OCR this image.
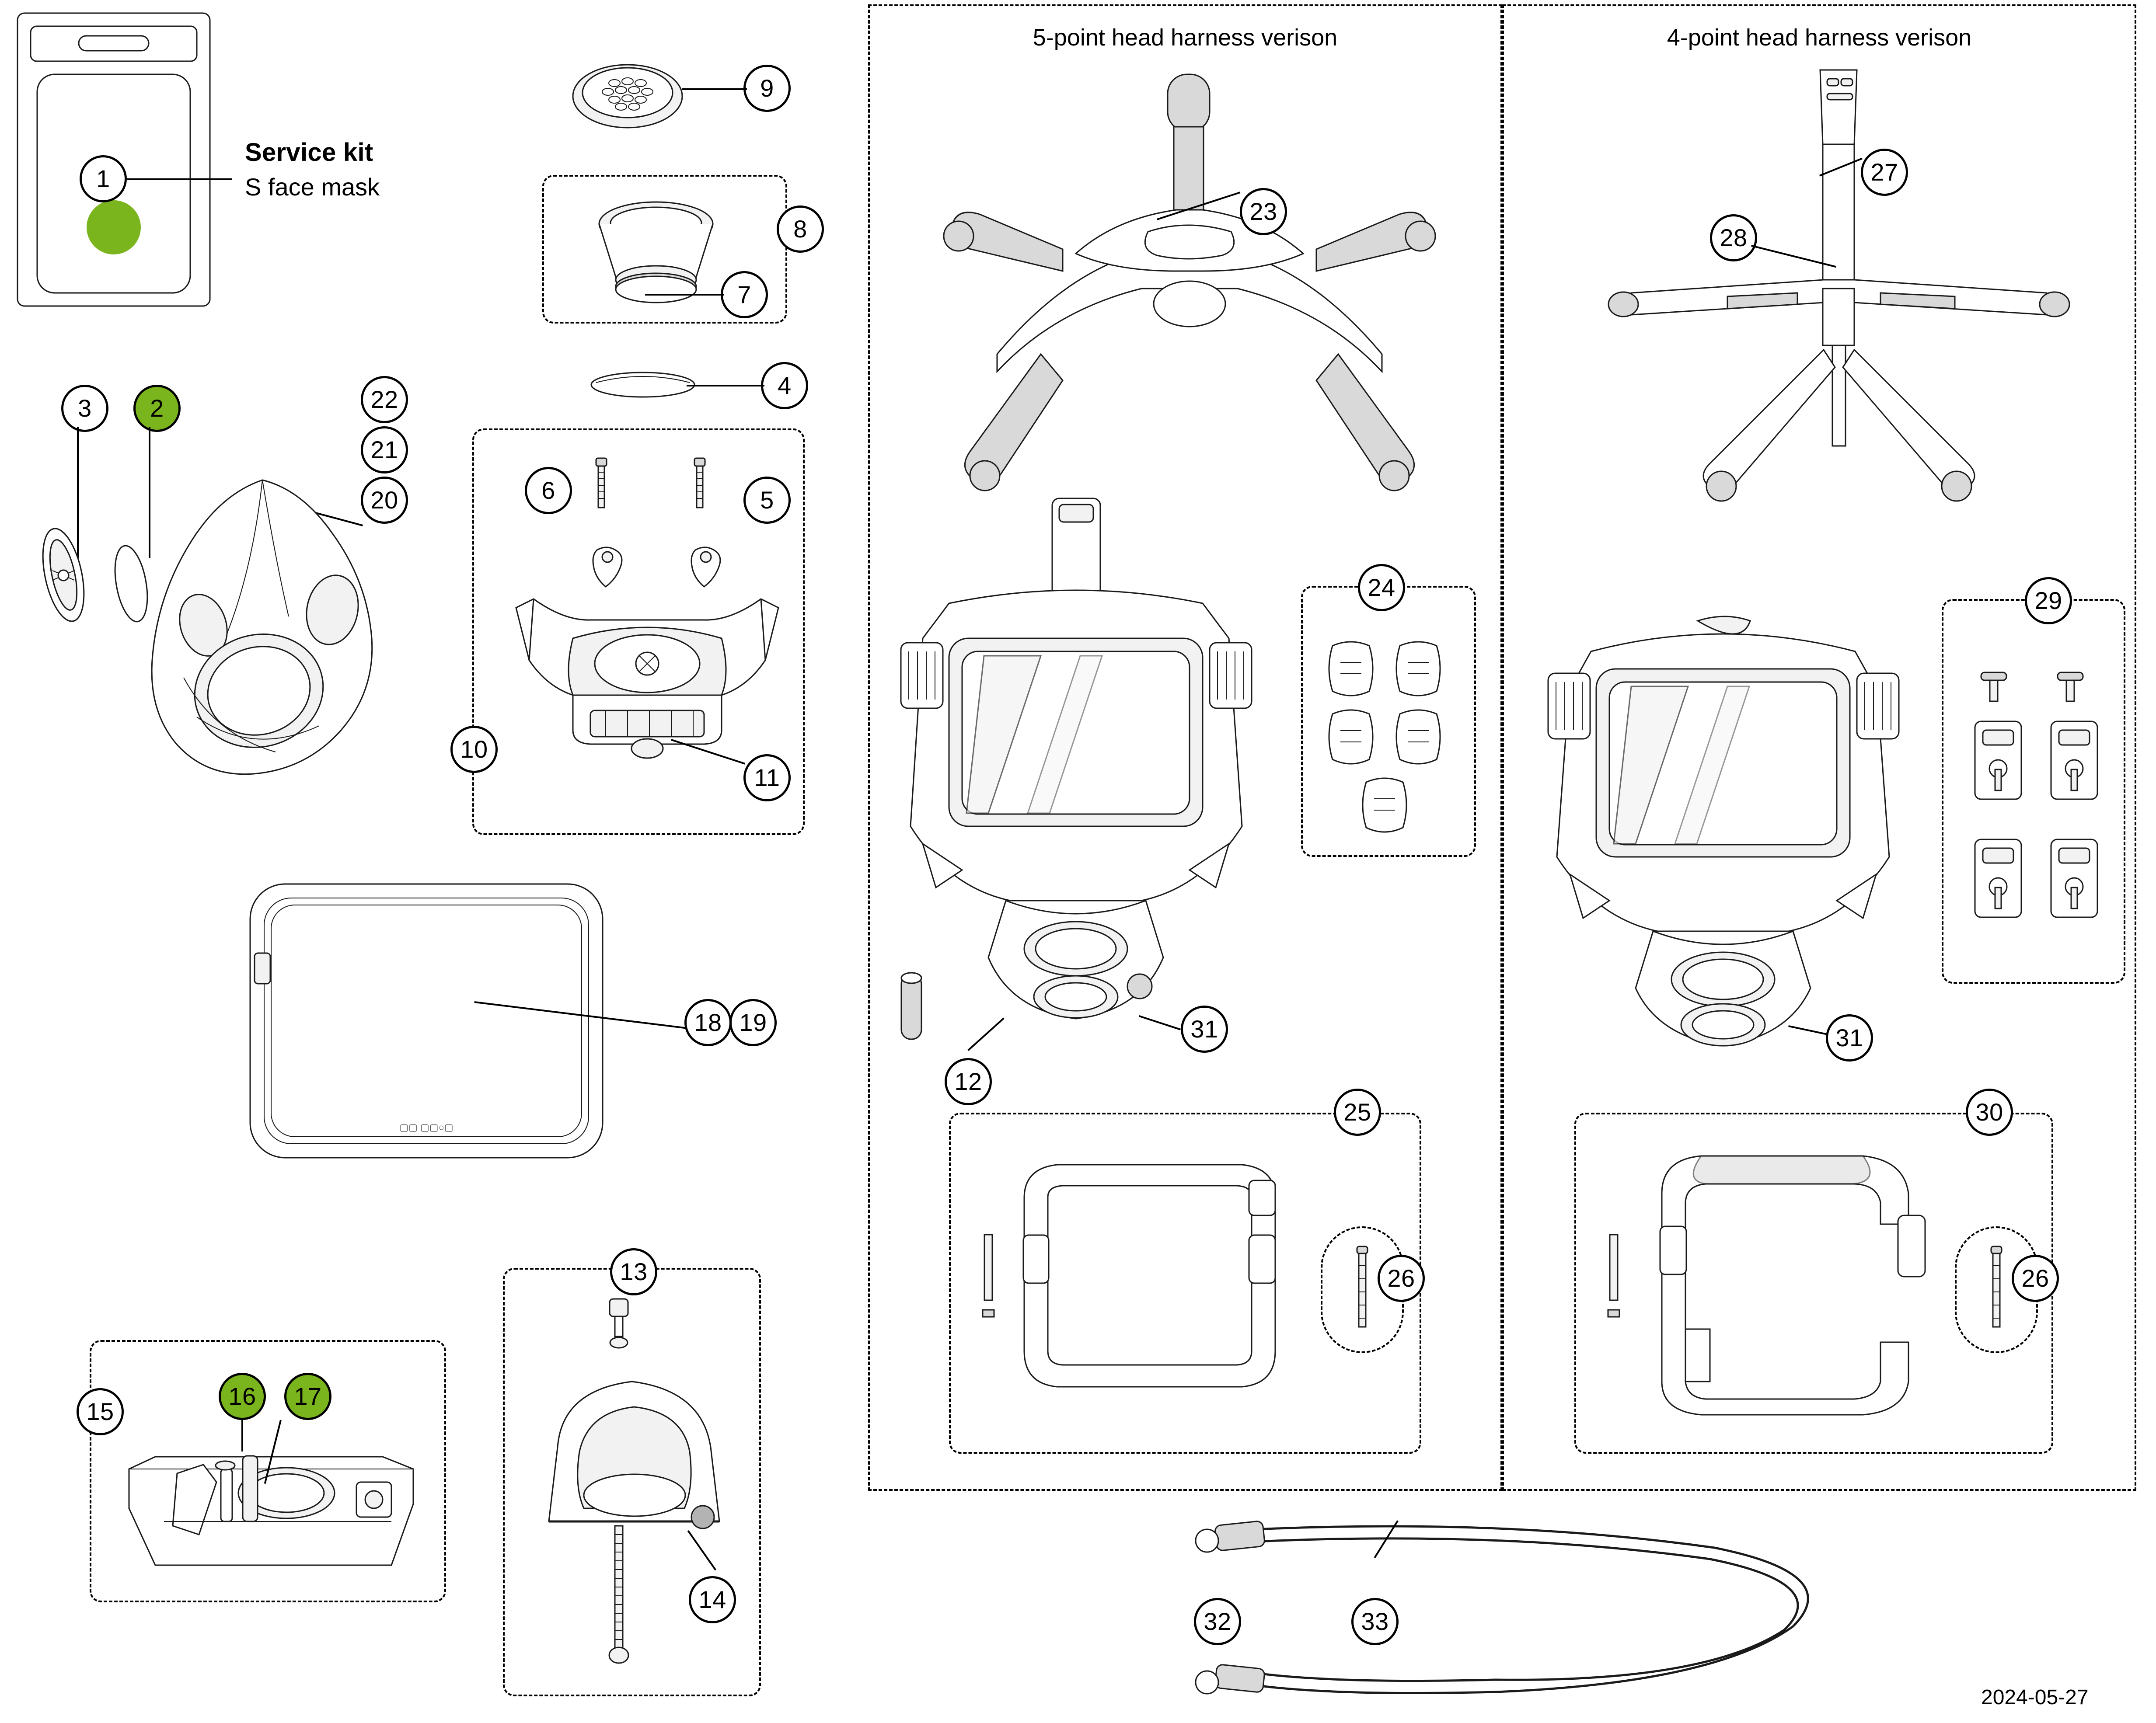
1
Service kit
S face mask
9
8
7
4
6	5
10
11
3	2	22
21
20
▢▢ ▢▢○▢
18 19
15
16	17
13
14
5-point head harness verison	4-point head harness verison
23
12
31
24
25
26
27
28
31
29
30
26
32	33
2024-05-27
